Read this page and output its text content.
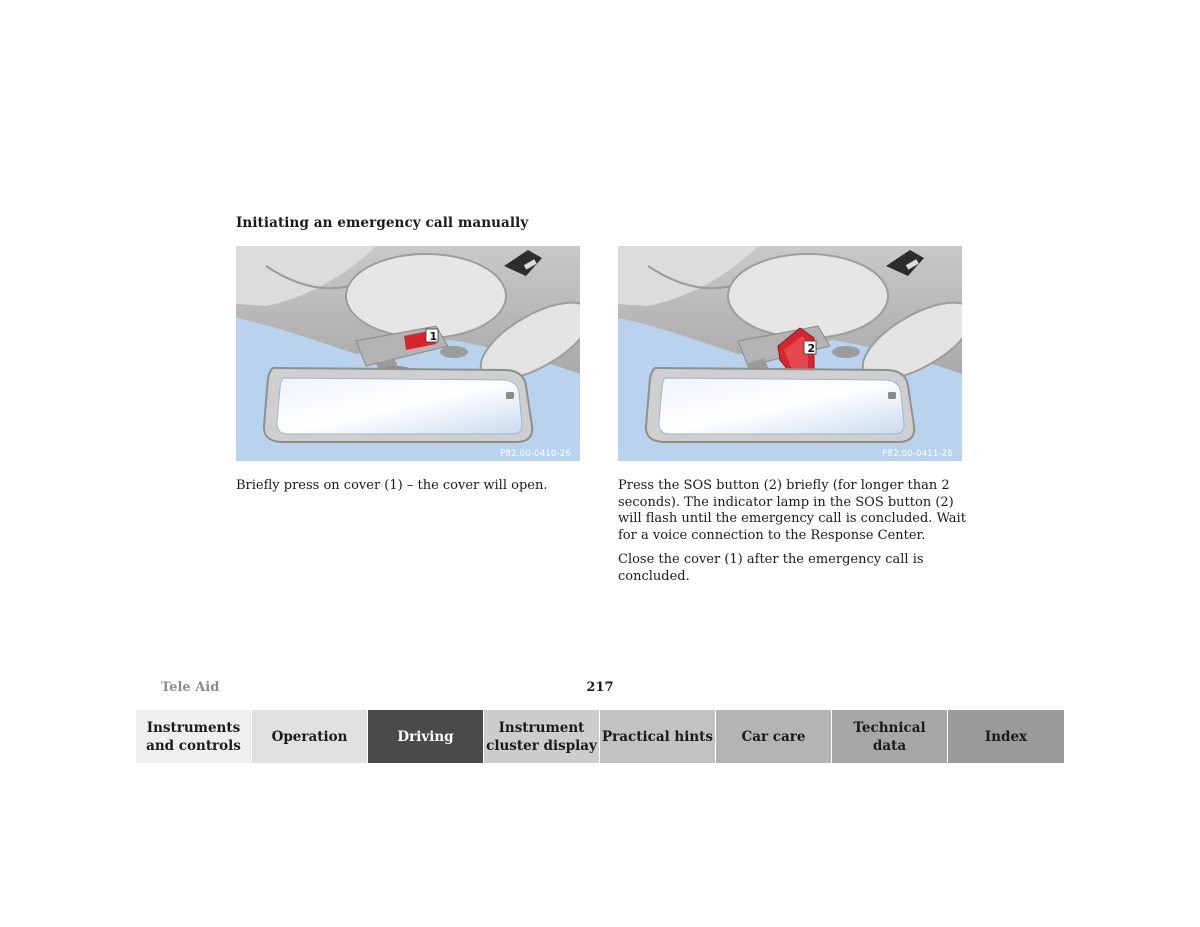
Initiating an emergency call manually
1
P82.00-0410-26
2
P82.00-0411-26

Briefly press on cover (1) – the cover will open.	Press the SOS button (2) briefly (for longer than 2 seconds). The indicator lamp in the SOS button (2) will flash until the emergency call is concluded. Wait for a voice connection to the Response Center.

Close the cover (1) after the emergency call is concluded.

Tele Aid	217
Instruments
and controls
Operation	Driving
Instrument
cluster display
Practical hints	Car care
Technical
data
Index
